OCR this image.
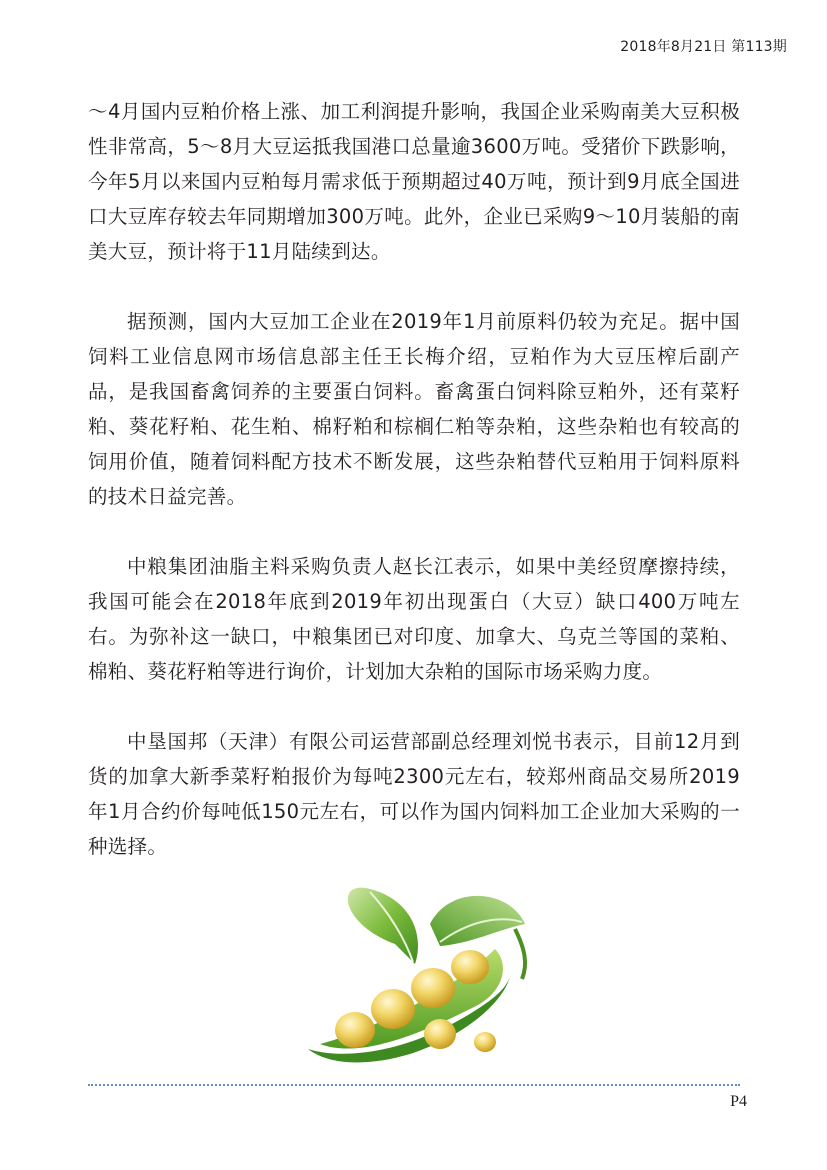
2018年8月21日 第113期

～4月国内豆粕价格上涨、加工利润提升影响，我国企业采购南美大豆积极性非常高，5～8月大豆运抵我国港口总量逾3600万吨。受猪价下跌影响，今年5月以来国内豆粕每月需求低于预期超过40万吨，预计到9月底全国进口大豆库存较去年同期增加300万吨。此外，企业已采购9～10月装船的南美大豆，预计将于11月陆续到达。

据预测，国内大豆加工企业在2019年1月前原料仍较为充足。据中国饲料工业信息网市场信息部主任王长梅介绍，豆粕作为大豆压榨后副产品，是我国畜禽饲养的主要蛋白饲料。畜禽蛋白饲料除豆粕外，还有菜籽粕、葵花籽粕、花生粕、棉籽粕和棕榈仁粕等杂粕，这些杂粕也有较高的饲用价值，随着饲料配方技术不断发展，这些杂粕替代豆粕用于饲料原料的技术日益完善。

中粮集团油脂主料采购负责人赵长江表示，如果中美经贸摩擦持续，我国可能会在2018年底到2019年初出现蛋白（大豆）缺口400万吨左右。为弥补这一缺口，中粮集团已对印度、加拿大、乌克兰等国的菜粕、棉粕、葵花籽粕等进行询价，计划加大杂粕的国际市场采购力度。

中垦国邦（天津）有限公司运营部副总经理刘悦书表示，目前12月到货的加拿大新季菜籽粕报价为每吨2300元左右，较郑州商品交易所2019年1月合约价每吨低150元左右，可以作为国内饲料加工企业加大采购的一种选择。

P4
